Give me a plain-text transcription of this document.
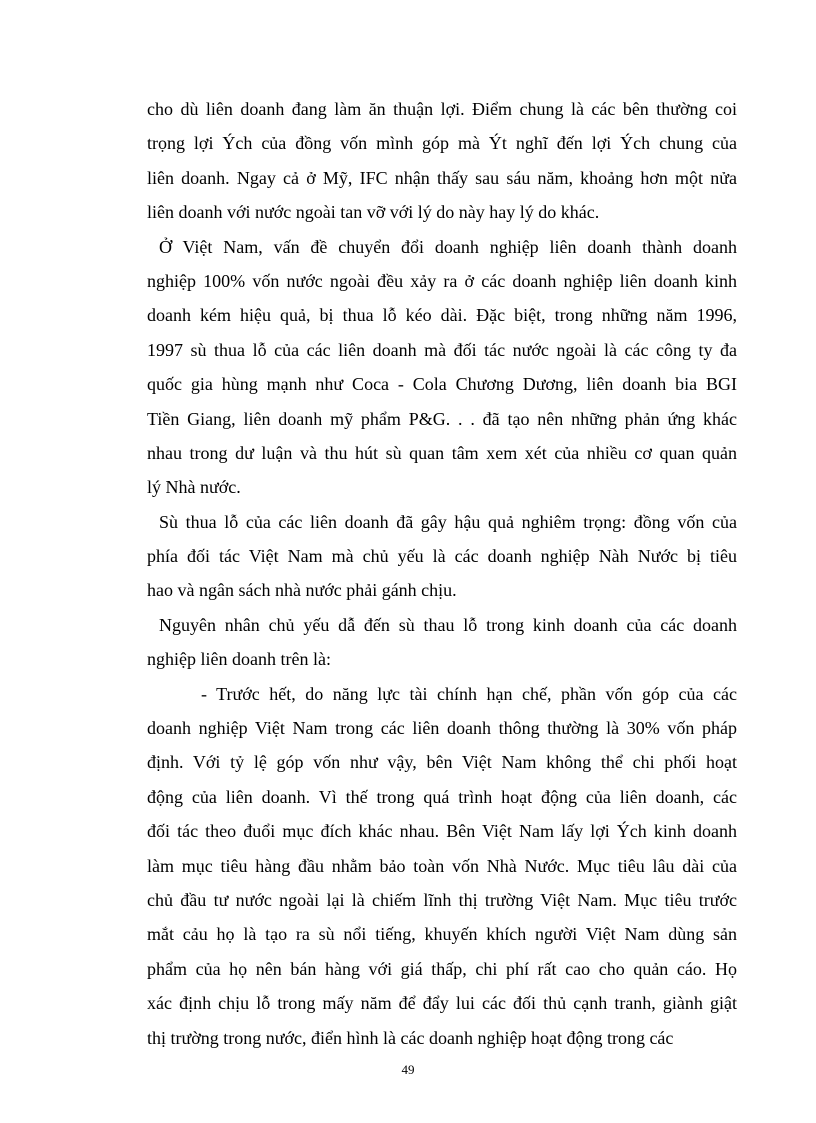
cho dù liên doanh đang làm ăn thuận lợi. Điểm chung là các bên thường coi
trọng lợi Ých của đồng vốn mình góp mà Ýt nghĩ đến lợi Ých chung của
liên doanh. Ngay cả ở Mỹ, IFC nhận thấy sau sáu năm, khoảng hơn một nửa
liên doanh với nước ngoài tan vỡ với lý do này hay lý do khác.
Ở Việt Nam, vấn đề chuyển đổi doanh nghiệp liên doanh thành doanh
nghiệp 100% vốn nước ngoài đều xảy ra ở các doanh nghiệp liên doanh kinh
doanh kém hiệu quả, bị thua lỗ kéo dài. Đặc biệt, trong những năm 1996,
1997 sù thua lỗ của các liên doanh mà đối tác nước ngoài là các công ty đa
quốc gia hùng mạnh như Coca - Cola Chương Dương, liên doanh bia BGI
Tiền Giang, liên doanh mỹ phẩm P&G. . . đã tạo nên những phản ứng khác
nhau trong dư luận và thu hút sù quan tâm xem xét của nhiều cơ quan quản
lý Nhà nước.
Sù thua lỗ của các liên doanh đã gây hậu quả nghiêm trọng: đồng vốn của
phía đối tác Việt Nam mà chủ yếu là các doanh nghiệp Nàh Nước bị tiêu
hao và ngân sách nhà nước phải gánh chịu.
Nguyên nhân chủ yếu dẫ đến sù thau lỗ trong kinh doanh của các doanh
nghiệp liên doanh trên là:
- Trước hết, do năng lực tài chính hạn chế, phần vốn góp của các
doanh nghiệp Việt Nam trong các liên doanh thông thường là 30% vốn pháp
định. Với tỷ lệ góp vốn như vậy, bên Việt Nam không thể chi phối hoạt
động của liên doanh. Vì thế trong quá trình hoạt động của liên doanh, các
đối tác theo đuổi mục đích khác nhau. Bên Việt Nam lấy lợi Ých kinh doanh
làm mục tiêu hàng đầu nhằm bảo toàn vốn Nhà Nước. Mục tiêu lâu dài của
chủ đầu tư nước ngoài lại là chiếm lĩnh thị trường Việt Nam. Mục tiêu trước
mắt cảu họ là tạo ra sù nổi tiếng, khuyến khích người Việt Nam dùng sản
phẩm của họ nên bán hàng với giá thấp, chi phí rất cao cho quản cáo. Họ
xác định chịu lỗ trong mấy năm để đẩy lui các đối thủ cạnh tranh, giành giật
thị trường trong nước, điển hình là các doanh nghiệp hoạt động trong các
49
